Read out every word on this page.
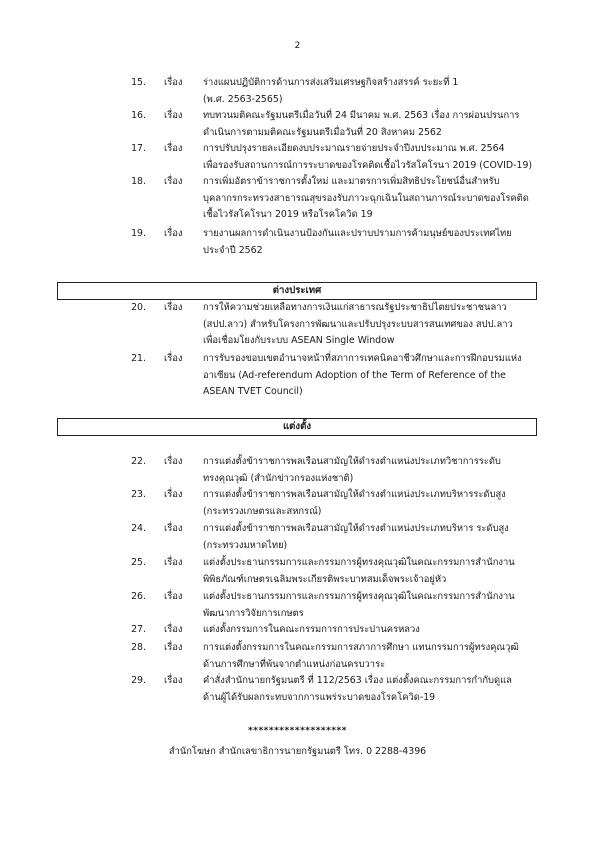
2
15. เรื่อง ร่างแผนปฏิบัติการด้านการส่งเสริมเศรษฐกิจสร้างสรรค์ ระยะที่ 1
(พ.ศ. 2563-2565)
16. เรื่อง ทบทวนมติคณะรัฐมนตรีเมื่อวันที่ 24 มีนาคม พ.ศ. 2563 เรื่อง การผ่อนปรนการ
ดำเนินการตามมติคณะรัฐมนตรีเมื่อวันที่ 20 สิงหาคม 2562
17. เรื่อง การปรับปรุงรายละเอียดงบประมาณรายจ่ายประจำปีงบประมาณ พ.ศ. 2564
เพื่อรองรับสถานการณ์การระบาดของโรคติดเชื้อไวรัสโคโรนา 2019 (COVID-19)
18. เรื่อง การเพิ่มอัตราข้าราชการตั้งใหม่ และมาตรการเพิ่มสิทธิประโยชน์อื่นสำหรับ
บุคลากรกระทรวงสาธารณสุขรองรับภาวะฉุกเฉินในสถานการณ์ระบาดของโรคติด
เชื้อไวรัสโคโรนา 2019 หรือโรคโควิด 19
19. เรื่อง รายงานผลการดำเนินงานป้องกันและปราบปรามการค้ามนุษย์ของประเทศไทย
ประจำปี 2562
ต่างประเทศ
20. เรื่อง การให้ความช่วยเหลือทางการเงินแก่สาธารณรัฐประชาธิปไตยประชาชนลาว
(สปป.ลาว) สำหรับโครงการพัฒนาและปรับปรุงระบบสารสนเทศของ สปป.ลาว
เพื่อเชื่อมโยงกับระบบ ASEAN Single Window
21. เรื่อง การรับรองขอบเขตอำนาจหน้าที่สภาการเทคนิคอาชีวศึกษาและการฝึกอบรมแห่ง
อาเซียน (Ad-referendum Adoption of the Term of Reference of the
ASEAN TVET Council)
แต่งตั้ง
22. เรื่อง การแต่งตั้งข้าราชการพลเรือนสามัญให้ดำรงตำแหน่งประเภทวิชาการระดับ
ทรงคุณวุฒิ (สำนักข่าวกรองแห่งชาติ)
23. เรื่อง การแต่งตั้งข้าราชการพลเรือนสามัญให้ดำรงตำแหน่งประเภทบริหารระดับสูง
(กระทรวงเกษตรและสหกรณ์)
24. เรื่อง การแต่งตั้งข้าราชการพลเรือนสามัญให้ดำรงตำแหน่งประเภทบริหาร ระดับสูง
(กระทรวงมหาดไทย)
25. เรื่อง แต่งตั้งประธานกรรมการและกรรมการผู้ทรงคุณวุฒิในคณะกรรมการสำนักงาน
พิพิธภัณฑ์เกษตรเฉลิมพระเกียรติพระบาทสมเด็จพระเจ้าอยู่หัว
26. เรื่อง แต่งตั้งประธานกรรมการและกรรมการผู้ทรงคุณวุฒิในคณะกรรมการสำนักงาน
พัฒนาการวิจัยการเกษตร
27. เรื่อง แต่งตั้งกรรมการในคณะกรรมการการประปานครหลวง
28. เรื่อง การแต่งตั้งกรรมการในคณะกรรมการสภาการศึกษา แทนกรรมการผู้ทรงคุณวุฒิ
ด้านการศึกษาที่พ้นจากตำแหน่งก่อนครบวาระ
29. เรื่อง คำสั่งสำนักนายกรัฐมนตรี ที่ 112/2563 เรื่อง แต่งตั้งคณะกรรมการกำกับดูแล
ด้านผู้ได้รับผลกระทบจากการแพร่ระบาดของโรคโควิด-19
*******************
สำนักโฆษก สำนักเลขาธิการนายกรัฐมนตรี โทร. 0 2288-4396
